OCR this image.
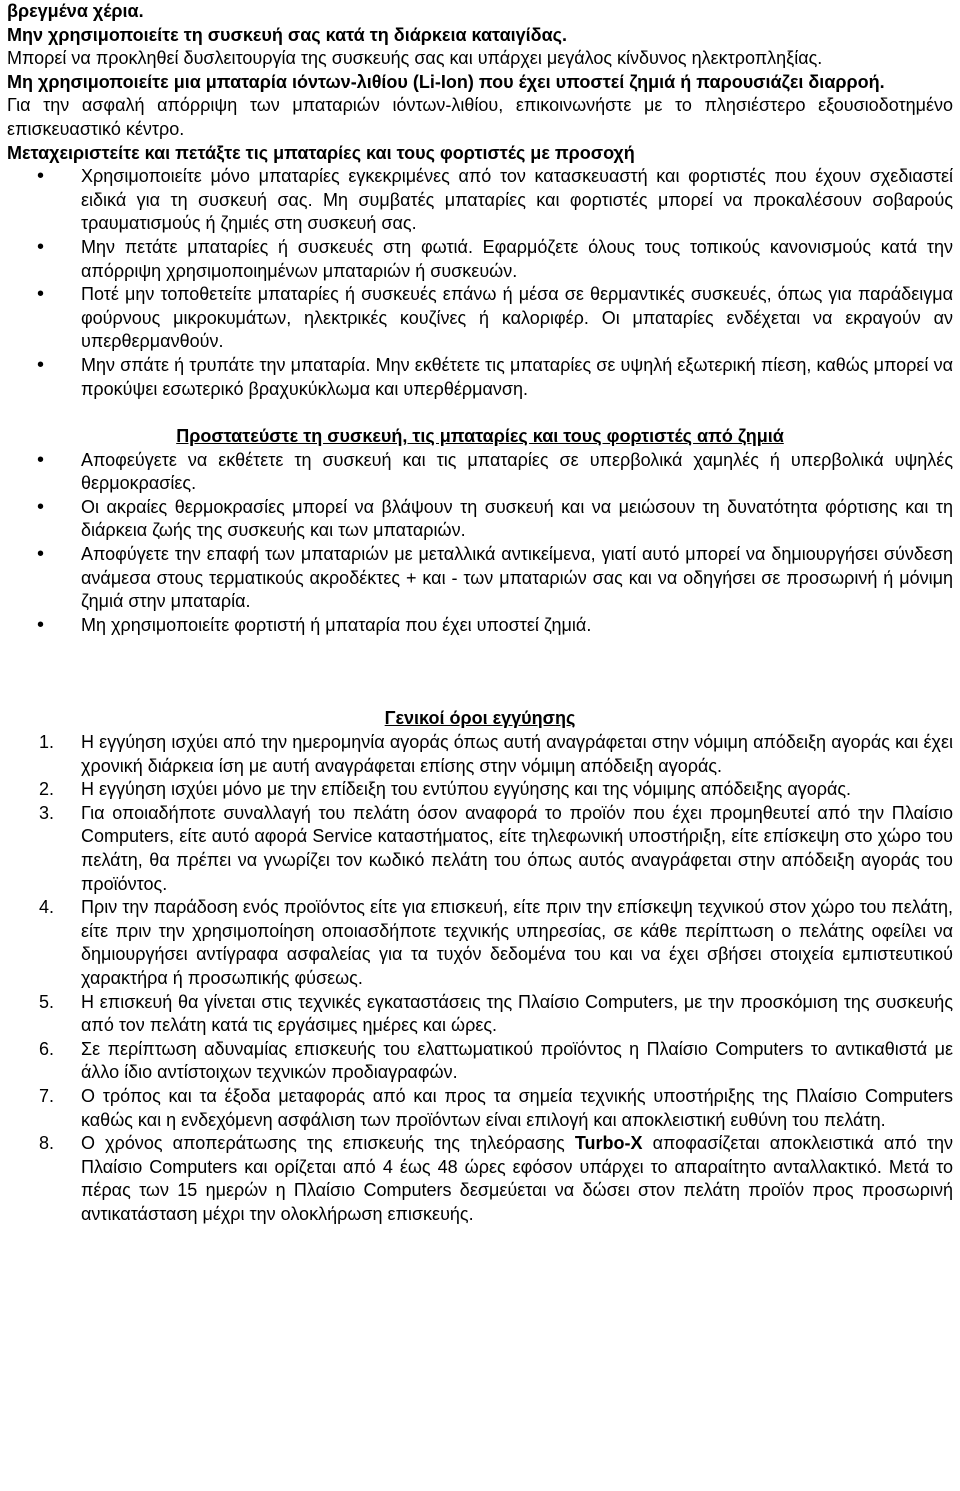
βρεγμένα χέρια.

Μην χρησιμοποιείτε τη συσκευή σας κατά τη διάρκεια καταιγίδας.

Μπορεί να προκληθεί δυσλειτουργία της συσκευής σας και υπάρχει μεγάλος κίνδυνος ηλεκτροπληξίας.

Μη χρησιμοποιείτε μια μπαταρία ιόντων-λιθίου (Li-Ion) που έχει υποστεί ζημιά ή παρουσιάζει διαρροή.

Για την ασφαλή απόρριψη των μπαταριών ιόντων-λιθίου, επικοινωνήστε με το πλησιέστερο εξουσιοδοτημένο επισκευαστικό κέντρο.

Μεταχειριστείτε και πετάξτε τις μπαταρίες και τους φορτιστές με προσοχή

• Χρησιμοποιείτε μόνο μπαταρίες εγκεκριμένες από τον κατασκευαστή και φορτιστές που έχουν σχεδιαστεί ειδικά για τη συσκευή σας. Μη συμβατές μπαταρίες και φορτιστές μπορεί να προκαλέσουν σοβαρούς τραυματισμούς ή ζημιές στη συσκευή σας.
• Μην πετάτε μπαταρίες ή συσκευές στη φωτιά. Εφαρμόζετε όλους τους τοπικούς κανονισμούς κατά την απόρριψη χρησιμοποιημένων μπαταριών ή συσκευών.
• Ποτέ μην τοποθετείτε μπαταρίες ή συσκευές επάνω ή μέσα σε θερμαντικές συσκευές, όπως για παράδειγμα φούρνους μικροκυμάτων, ηλεκτρικές κουζίνες ή καλοριφέρ. Οι μπαταρίες ενδέχεται να εκραγούν αν υπερθερμανθούν.
• Μην σπάτε ή τρυπάτε την μπαταρία. Μην εκθέτετε τις μπαταρίες σε υψηλή εξωτερική πίεση, καθώς μπορεί να προκύψει εσωτερικό βραχυκύκλωμα και υπερθέρμανση.

Προστατεύστε τη συσκευή, τις μπαταρίες και τους φορτιστές από ζημιά

• Αποφεύγετε να εκθέτετε τη συσκευή και τις μπαταρίες σε υπερβολικά χαμηλές ή υπερβολικά υψηλές θερμοκρασίες.
• Οι ακραίες θερμοκρασίες μπορεί να βλάψουν τη συσκευή και να μειώσουν τη δυνατότητα φόρτισης και τη διάρκεια ζωής της συσκευής και των μπαταριών.
• Αποφύγετε την επαφή των μπαταριών με μεταλλικά αντικείμενα, γιατί αυτό μπορεί να δημιουργήσει σύνδεση ανάμεσα στους τερματικούς ακροδέκτες + και - των μπαταριών σας και να οδηγήσει σε προσωρινή ή μόνιμη ζημιά στην μπαταρία.
• Μη χρησιμοποιείτε φορτιστή ή μπαταρία που έχει υποστεί ζημιά.

Γενικοί όροι εγγύησης

1. Η εγγύηση ισχύει από την ημερομηνία αγοράς όπως αυτή αναγράφεται στην νόμιμη απόδειξη αγοράς και έχει χρονική διάρκεια ίση με αυτή αναγράφεται επίσης στην νόμιμη απόδειξη αγοράς.
2. Η εγγύηση ισχύει μόνο με την επίδειξη του εντύπου εγγύησης και της νόμιμης απόδειξης αγοράς.
3. Για οποιαδήποτε συναλλαγή του πελάτη όσον αναφορά το προϊόν που έχει προμηθευτεί από την Πλαίσιο Computers, είτε αυτό αφορά Service καταστήματος, είτε τηλεφωνική υποστήριξη, είτε επίσκεψη στο χώρο του πελάτη, θα πρέπει να γνωρίζει τον κωδικό πελάτη του όπως αυτός αναγράφεται στην απόδειξη αγοράς του προϊόντος.
4. Πριν την παράδοση ενός προϊόντος είτε για επισκευή, είτε πριν την επίσκεψη τεχνικού στον χώρο του πελάτη, είτε πριν την χρησιμοποίηση οποιασδήποτε τεχνικής υπηρεσίας, σε κάθε περίπτωση ο πελάτης οφείλει να δημιουργήσει αντίγραφα ασφαλείας για τα τυχόν δεδομένα του και να έχει σβήσει στοιχεία εμπιστευτικού χαρακτήρα ή προσωπικής φύσεως.
5. Η επισκευή θα γίνεται στις τεχνικές εγκαταστάσεις της Πλαίσιο Computers, με την προσκόμιση της συσκευής από τον πελάτη κατά τις εργάσιμες ημέρες και ώρες.
6. Σε περίπτωση αδυναμίας επισκευής του ελαττωματικού προϊόντος η Πλαίσιο Computers το αντικαθιστά με άλλο ίδιο αντίστοιχων τεχνικών προδιαγραφών.
7. Ο τρόπος και τα έξοδα μεταφοράς από και προς τα σημεία τεχνικής υποστήριξης της Πλαίσιο Computers καθώς και η ενδεχόμενη ασφάλιση των προϊόντων είναι επιλογή και αποκλειστική ευθύνη του πελάτη.
8. Ο χρόνος αποπεράτωσης της επισκευής της τηλεόρασης Turbo-X αποφασίζεται αποκλειστικά από την Πλαίσιο Computers και ορίζεται από 4 έως 48 ώρες εφόσον υπάρχει το απαραίτητο ανταλλακτικό. Μετά το πέρας των 15 ημερών η Πλαίσιο Computers δεσμεύεται να δώσει στον πελάτη προϊόν προς προσωρινή αντικατάσταση μέχρι την ολοκλήρωση επισκευής.
